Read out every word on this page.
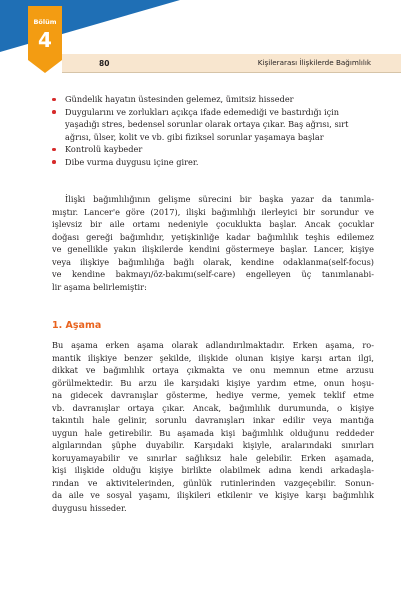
Bölüm
4
80	Kişilerarası İlişkilerde Bağımlılık
Gündelik hayatın üstesinden gelemez, ümitsiz hisseder
Duygularını ve zorlukları açıkça ifade edemediği ve bastırdığı için
yaşadığı stres, bedensel sorunlar olarak ortaya çıkar. Baş ağrısı, sırt
ağrısı, ülser, kolit ve vb. gibi fiziksel sorunlar yaşamaya başlar
Kontrolü kaybeder
Dibe vurma duygusu içine girer.

İlişki bağımlılığının gelişme sürecini bir başka yazar da tanımla-
mıştır. Lancer'e göre (2017), ilişki bağımlılığı ilerleyici bir sorundur ve
işlevsiz bir aile ortamı nedeniyle çocuklukta başlar. Ancak çocuklar
doğası gereği bağımlıdır, yetişkinliğe kadar bağımlılık teşhis edilemez
ve genellikle yakın ilişkilerde kendini göstermeye başlar. Lancer, kişiye
veya ilişkiye bağımlılığa bağlı olarak, kendine odaklanma(self-focus)
ve kendine bakmayı/öz-bakımı(self-care) engelleyen üç tanımlanabi-
lir aşama belirlemiştir:

1. Aşama

Bu aşama erken aşama olarak adlandırılmaktadır. Erken aşama, ro-
mantik ilişkiye benzer şekilde, ilişkide olunan kişiye karşı artan ilgi,
dikkat ve bağımlılık ortaya çıkmakta ve onu memnun etme arzusu
görülmektedir. Bu arzu ile karşıdaki kişiye yardım etme, onun hoşu-
na gidecek davranışlar gösterme, hediye verme, yemek teklif etme
vb. davranışlar ortaya çıkar. Ancak, bağımlılık durumunda, o kişiye
takıntılı hale gelinir, sorunlu davranışları inkar edilir veya mantığa
uygun hale getirebilir. Bu aşamada kişi bağımlılık olduğunu reddeder
algılarından şüphe duyabilir. Karşıdaki kişiyle, aralarındaki sınırları
koruyamayabilir ve sınırlar sağlıksız hale gelebilir. Erken aşamada,
kişi ilişkide olduğu kişiye birlikte olabilmek adına kendi arkadaşla-
rından ve aktivitelerinden, günlük rutinlerinden vazgeçebilir. Sonun-
da aile ve sosyal yaşamı, ilişkileri etkilenir ve kişiye karşı bağımlılık
duygusu hisseder.
